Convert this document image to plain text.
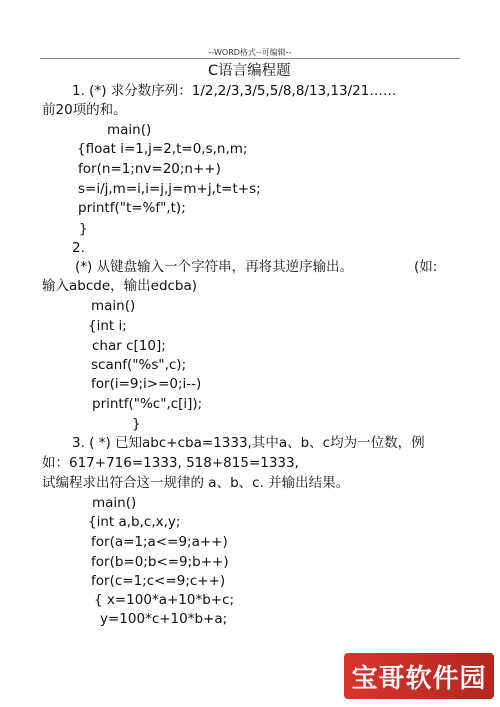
--WORD格式--可编辑--
C语言编程题
1. (*) 求分数序列：1/2,2/3,3/5,5/8,8/13,13/21……
前20项的和。
main()
{float i=1,j=2,t=0,s,n,m;
for(n=1;nv=20;n++)
s=i/j,m=i,i=j,j=m+j,t=t+s;
printf("t=%f",t);
}
2.
(*) 从键盘输入一个字符串，再将其逆序输出。	(如:
输入abcde，输出edcba)
main()
{int i;
char c[10];
scanf("%s",c);
for(i=9;i>=0;i--)
printf("%c",c[i]);
}
3. ( *) 已知abc+cba=1333,其中a、b、c均为一位数，例
如：617+716=1333, 518+815=1333,
试编程求出符合这一规律的 a、b、c. 并输出结果。
main()
{int a,b,c,x,y;
for(a=1;a<=9;a++)
for(b=0;b<=9;b++)
for(c=1;c<=9;c++)
{ x=100*a+10*b+c;
y=100*c+10*b+a;
宝哥软件园
